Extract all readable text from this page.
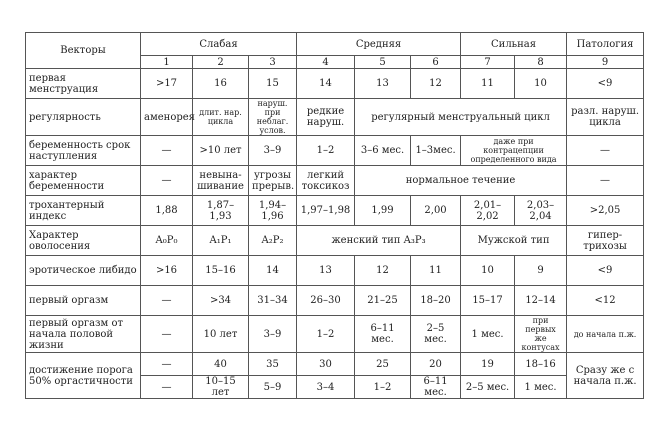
Векторы	Слабая			Средняя			Сильная		Патология
	1	2	3	4	5	6	7	8	9
первая менструация	>17	16	15	14	13	12	11	10	<9
регулярность	аменорея	длит. нар. цикла	наруш. при неблаг. услов.	редкие наруш.	регулярный менструальный цикл				разл. наруш. цикла
беременность срок наступления	—	>10 лет	3–9	1–2	3–6 мес.	1–3мес.	даже при контрацепции определенного вида		—
характер беременности	—	невына-шивание	угрозы прерыв.	легкий токсикоз	нормальное течение				—
трохантерный индекс	1,88	1,87–1,93	1,94–1,96	1,97–1,98	1,99	2,00	2,01–2,02	2,03–2,04	>2,05
Характер оволосения	A₀P₀	A₁P₁	A₂P₂	женский тип A₃P₃			Мужской тип		гипер-трихозы
эротическое либидо	>16	15–16	14	13	12	11	10	9	<9
первый оргазм	—	>34	31–34	26–30	21–25	18–20	15–17	12–14	<12
первый оргазм от начала половой жизни	—	10 лет	3–9	1–2	6–11 мес.	2–5 мес.	1 мес.	при первых же контусах	до начала п.ж.
достижение порога 50% оргастичности	—	40	35	30	25	20	19	18–16	Сразу же с начала п.ж.
	—	10–15 лет	5–9	3–4	1–2	6–11 мес.	2–5 мес.	1 мес.	
